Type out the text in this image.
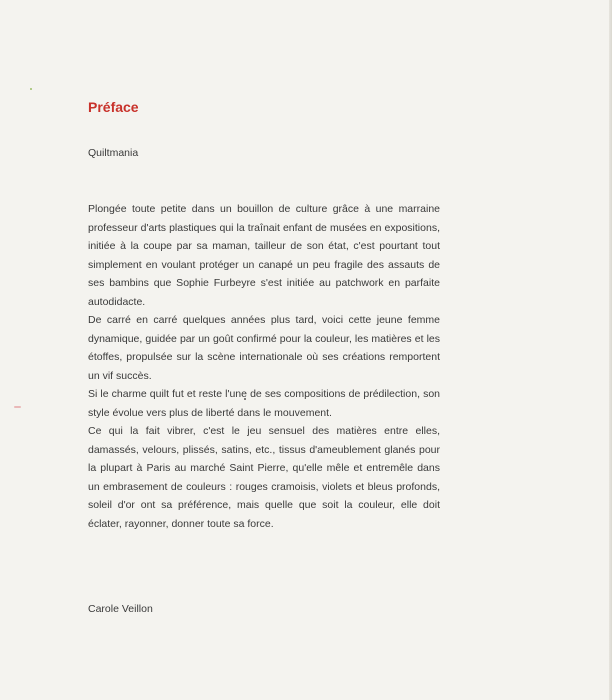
Préface
Quiltmania

Plongée toute petite dans un bouillon de culture grâce à une marraine professeur d'arts plastiques qui la traînait enfant de musées en expositions, initiée à la coupe par sa maman, tailleur de son état, c'est pourtant tout simplement en voulant protéger un canapé un peu fragile des assauts de ses bambins que Sophie Furbeyre s'est initiée au patchwork en parfaite autodidacte.

De carré en carré quelques années plus tard, voici cette jeune femme dynamique, guidée par un goût confirmé pour la couleur, les matières et les étoffes, propulsée sur la scène internationale où ses créations remportent un vif succès.

Si le charme quilt fut et reste l'une de ses compositions de prédilection, son style évolue vers plus de liberté dans le mouvement.

Ce qui la fait vibrer, c'est le jeu sensuel des matières entre elles, damassés, velours, plissés, satins, etc., tissus d'ameublement glanés pour la plupart à Paris au marché Saint Pierre, qu'elle mêle et entremêle dans un embrasement de couleurs : rouges cramoisis, violets et bleus profonds, soleil d'or ont sa préférence, mais quelle que soit la couleur, elle doit éclater, rayonner, donner toute sa force.

Carole Veillon
